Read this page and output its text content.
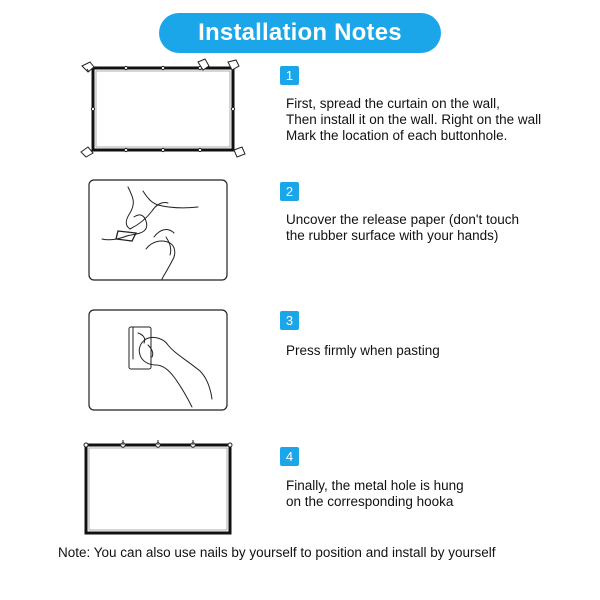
Installation Notes
1
2
3
4
First, spread the curtain on the wall,
Then install it on the wall. Right on the wall
Mark the location of each buttonhole.
Uncover the release paper (don't touch
the rubber surface with your hands)
Press firmly when pasting
Finally, the metal hole is hung
on the corresponding hooka
Note: You can also use nails by yourself to position and install by yourself
